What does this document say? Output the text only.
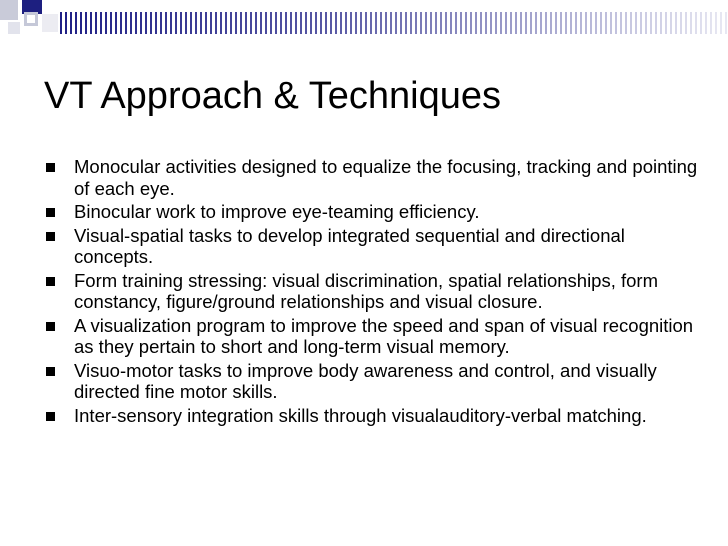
VT Approach & Techniques
Monocular activities designed to equalize the focusing, tracking and pointing of each eye.
Binocular work to improve eye-teaming efficiency.
Visual-spatial tasks to develop integrated sequential and directional concepts.
Form training stressing: visual discrimination, spatial relationships, form constancy, figure/ground relationships and visual closure.
A visualization program to improve the speed and span of visual recognition as they pertain to short and long-term visual memory.
Visuo-motor tasks to improve body awareness and control, and visually directed fine motor skills.
Inter-sensory integration skills through visualauditory-verbal matching.
